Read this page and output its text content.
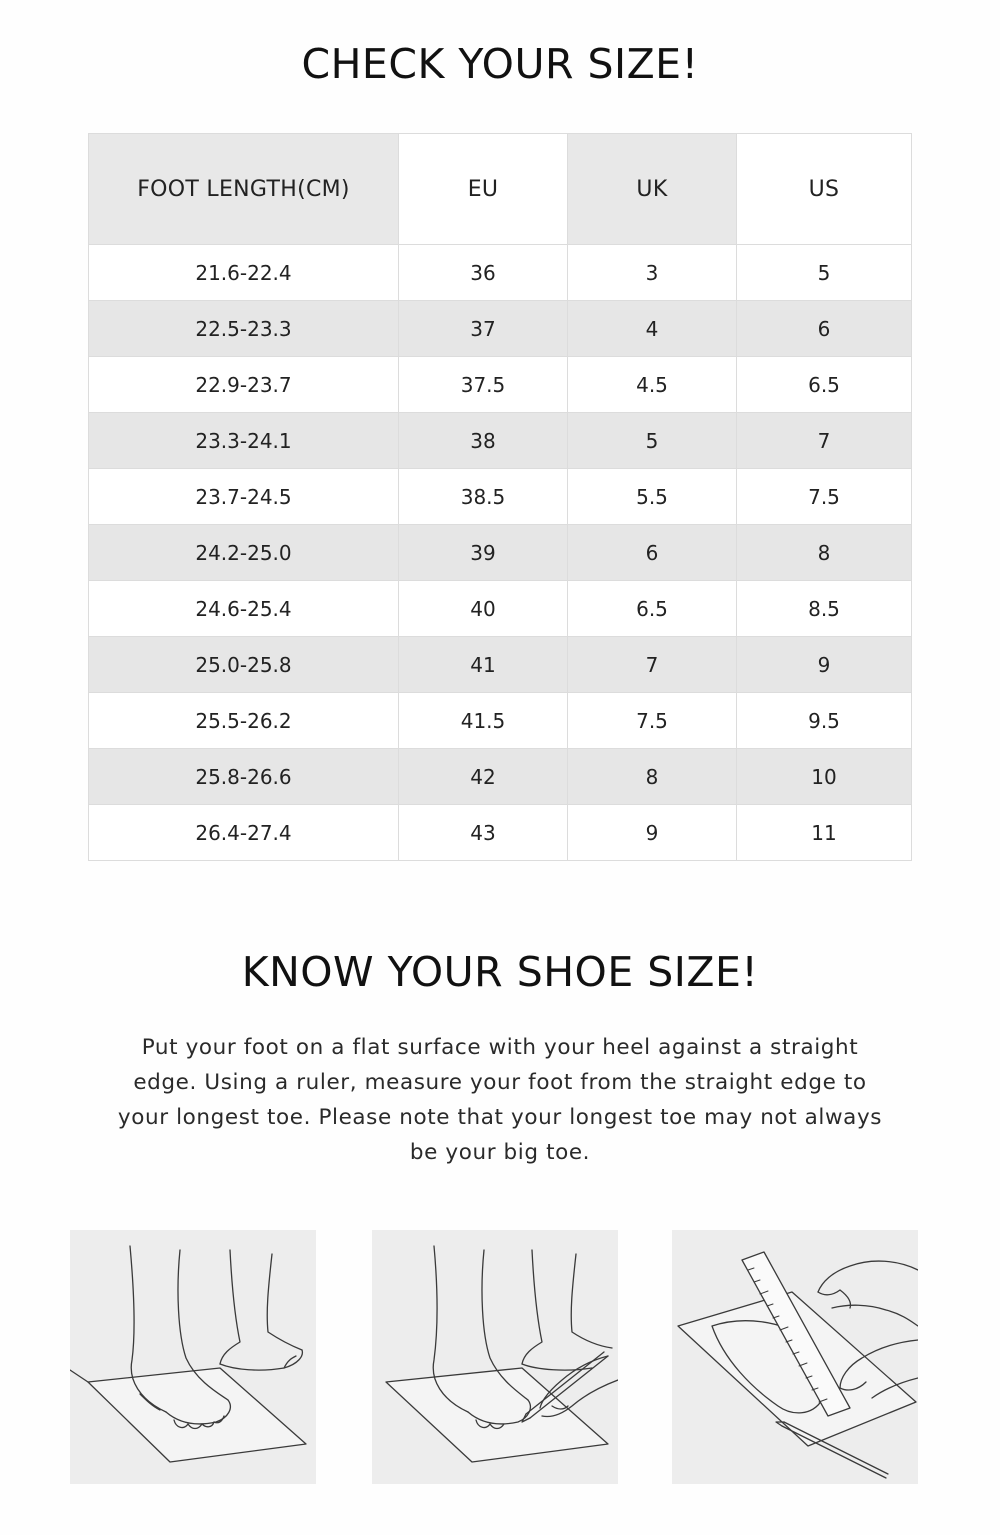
CHECK YOUR SIZE!
FOOT LENGTH(CM)	EU	UK	US
21.6-22.4	36	3	5
22.5-23.3	37	4	6
22.9-23.7	37.5	4.5	6.5
23.3-24.1	38	5	7
23.7-24.5	38.5	5.5	7.5
24.2-25.0	39	6	8
24.6-25.4	40	6.5	8.5
25.0-25.8	41	7	9
25.5-26.2	41.5	7.5	9.5
25.8-26.6	42	8	10
26.4-27.4	43	9	11
KNOW YOUR SHOE SIZE!

Put your foot on a flat surface with your heel against a straight edge. Using a ruler, measure your foot from the straight edge to your longest toe. Please note that your longest toe may not always be your big toe.
